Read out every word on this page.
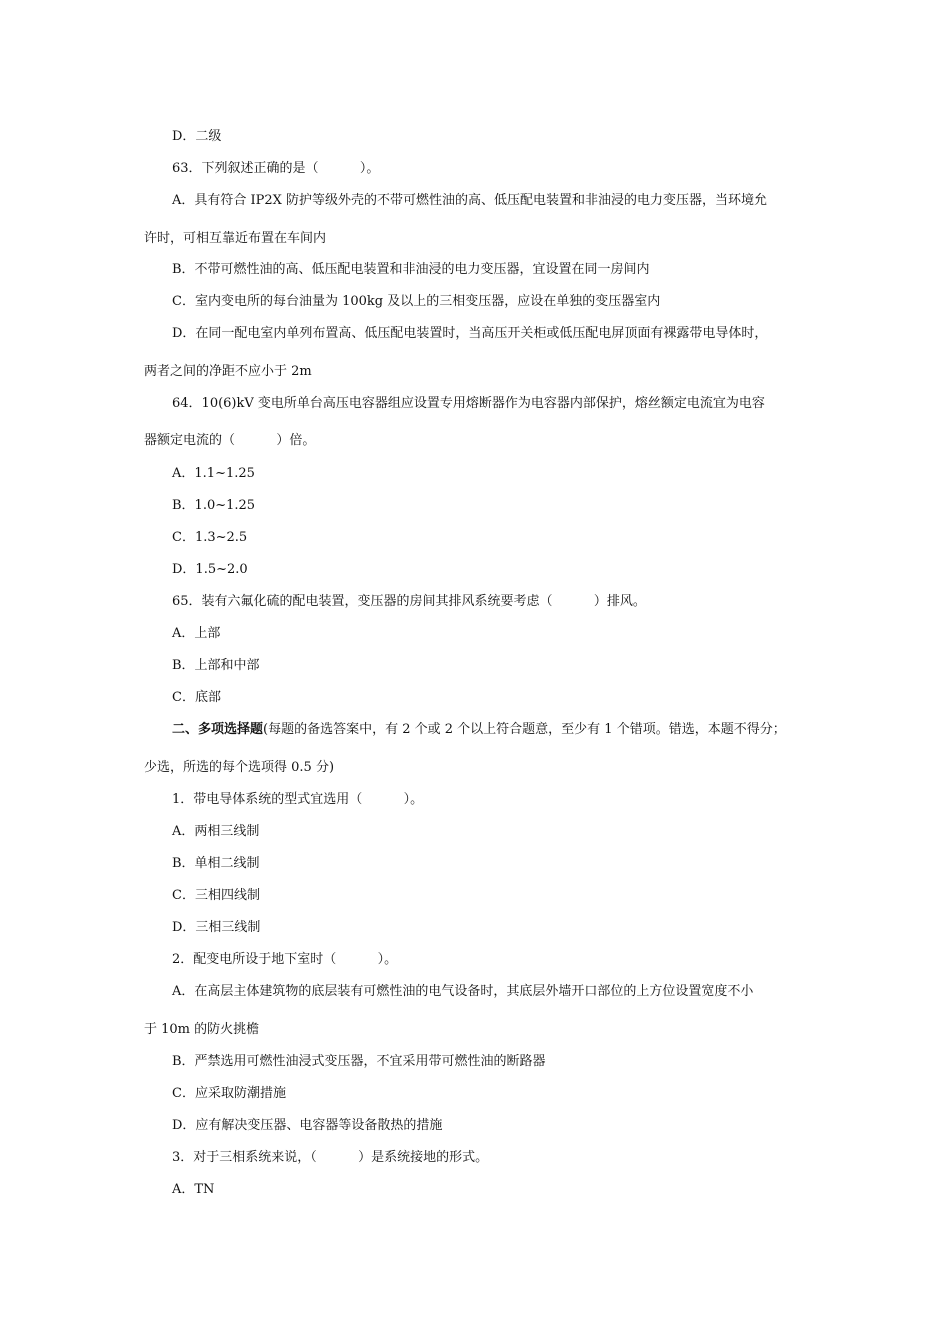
D．二级
63．下列叙述正确的是（          ）。
A．具有符合 IP2X 防护等级外壳的不带可燃性油的高、低压配电装置和非油浸的电力变压器，当环境允
许时，可相互靠近布置在车间内
B．不带可燃性油的高、低压配电装置和非油浸的电力变压器，宜设置在同一房间内
C．室内变电所的每台油量为 100kg 及以上的三相变压器，应设在单独的变压器室内
D．在同一配电室内单列布置高、低压配电装置时，当高压开关柜或低压配电屏顶面有裸露带电导体时，
两者之间的净距不应小于 2m
64．10(6)kV 变电所单台高压电容器组应设置专用熔断器作为电容器内部保护，熔丝额定电流宜为电容
器额定电流的（          ）倍。
A．1.1~1.25
B．1.0~1.25
C．1.3~2.5
D．1.5~2.0
65．装有六氟化硫的配电装置，变压器的房间其排风系统要考虑（          ）排风。
A．上部
B．上部和中部
C．底部
二、多项选择题(每题的备选答案中，有 2 个或 2 个以上符合题意，至少有 1 个错项。错选，本题不得分；
少选，所选的每个选项得 0.5 分)
1．带电导体系统的型式宜选用（          ）。
A．两相三线制
B．单相二线制
C．三相四线制
D．三相三线制
2．配变电所设于地下室时（          ）。
A．在高层主体建筑物的底层装有可燃性油的电气设备时，其底层外墙开口部位的上方位设置宽度不小
于 10m 的防火挑檐
B．严禁选用可燃性油浸式变压器，不宜采用带可燃性油的断路器
C．应采取防潮措施
D．应有解决变压器、电容器等设备散热的措施
3．对于三相系统来说，（          ）是系统接地的形式。
A．TN
